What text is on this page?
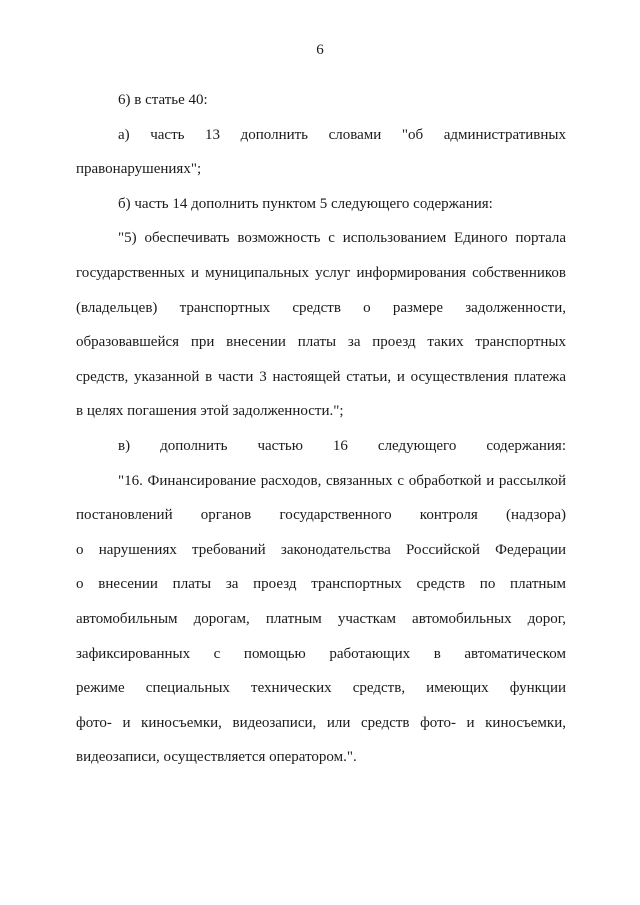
6
6) в статье 40:
а) часть 13 дополнить словами "об административных
правонарушениях";
б) часть 14 дополнить пунктом 5 следующего содержания:
"5) обеспечивать возможность с использованием Единого портала
государственных и муниципальных услуг информирования собственников
(владельцев) транспортных средств о размере задолженности,
образовавшейся при внесении платы за проезд таких транспортных
средств, указанной в части 3 настоящей статьи, и осуществления платежа
в целях погашения этой задолженности.";
в) дополнить частью 16 следующего содержания:
"16. Финансирование расходов, связанных с обработкой и рассылкой
постановлений органов государственного контроля (надзора)
о нарушениях требований законодательства Российской Федерации
о внесении платы за проезд транспортных средств по платным
автомобильным дорогам, платным участкам автомобильных дорог,
зафиксированных с помощью работающих в автоматическом
режиме специальных технических средств, имеющих функции
фото- и киносъемки, видеозаписи, или средств фото- и киносъемки,
видеозаписи, осуществляется оператором.".
